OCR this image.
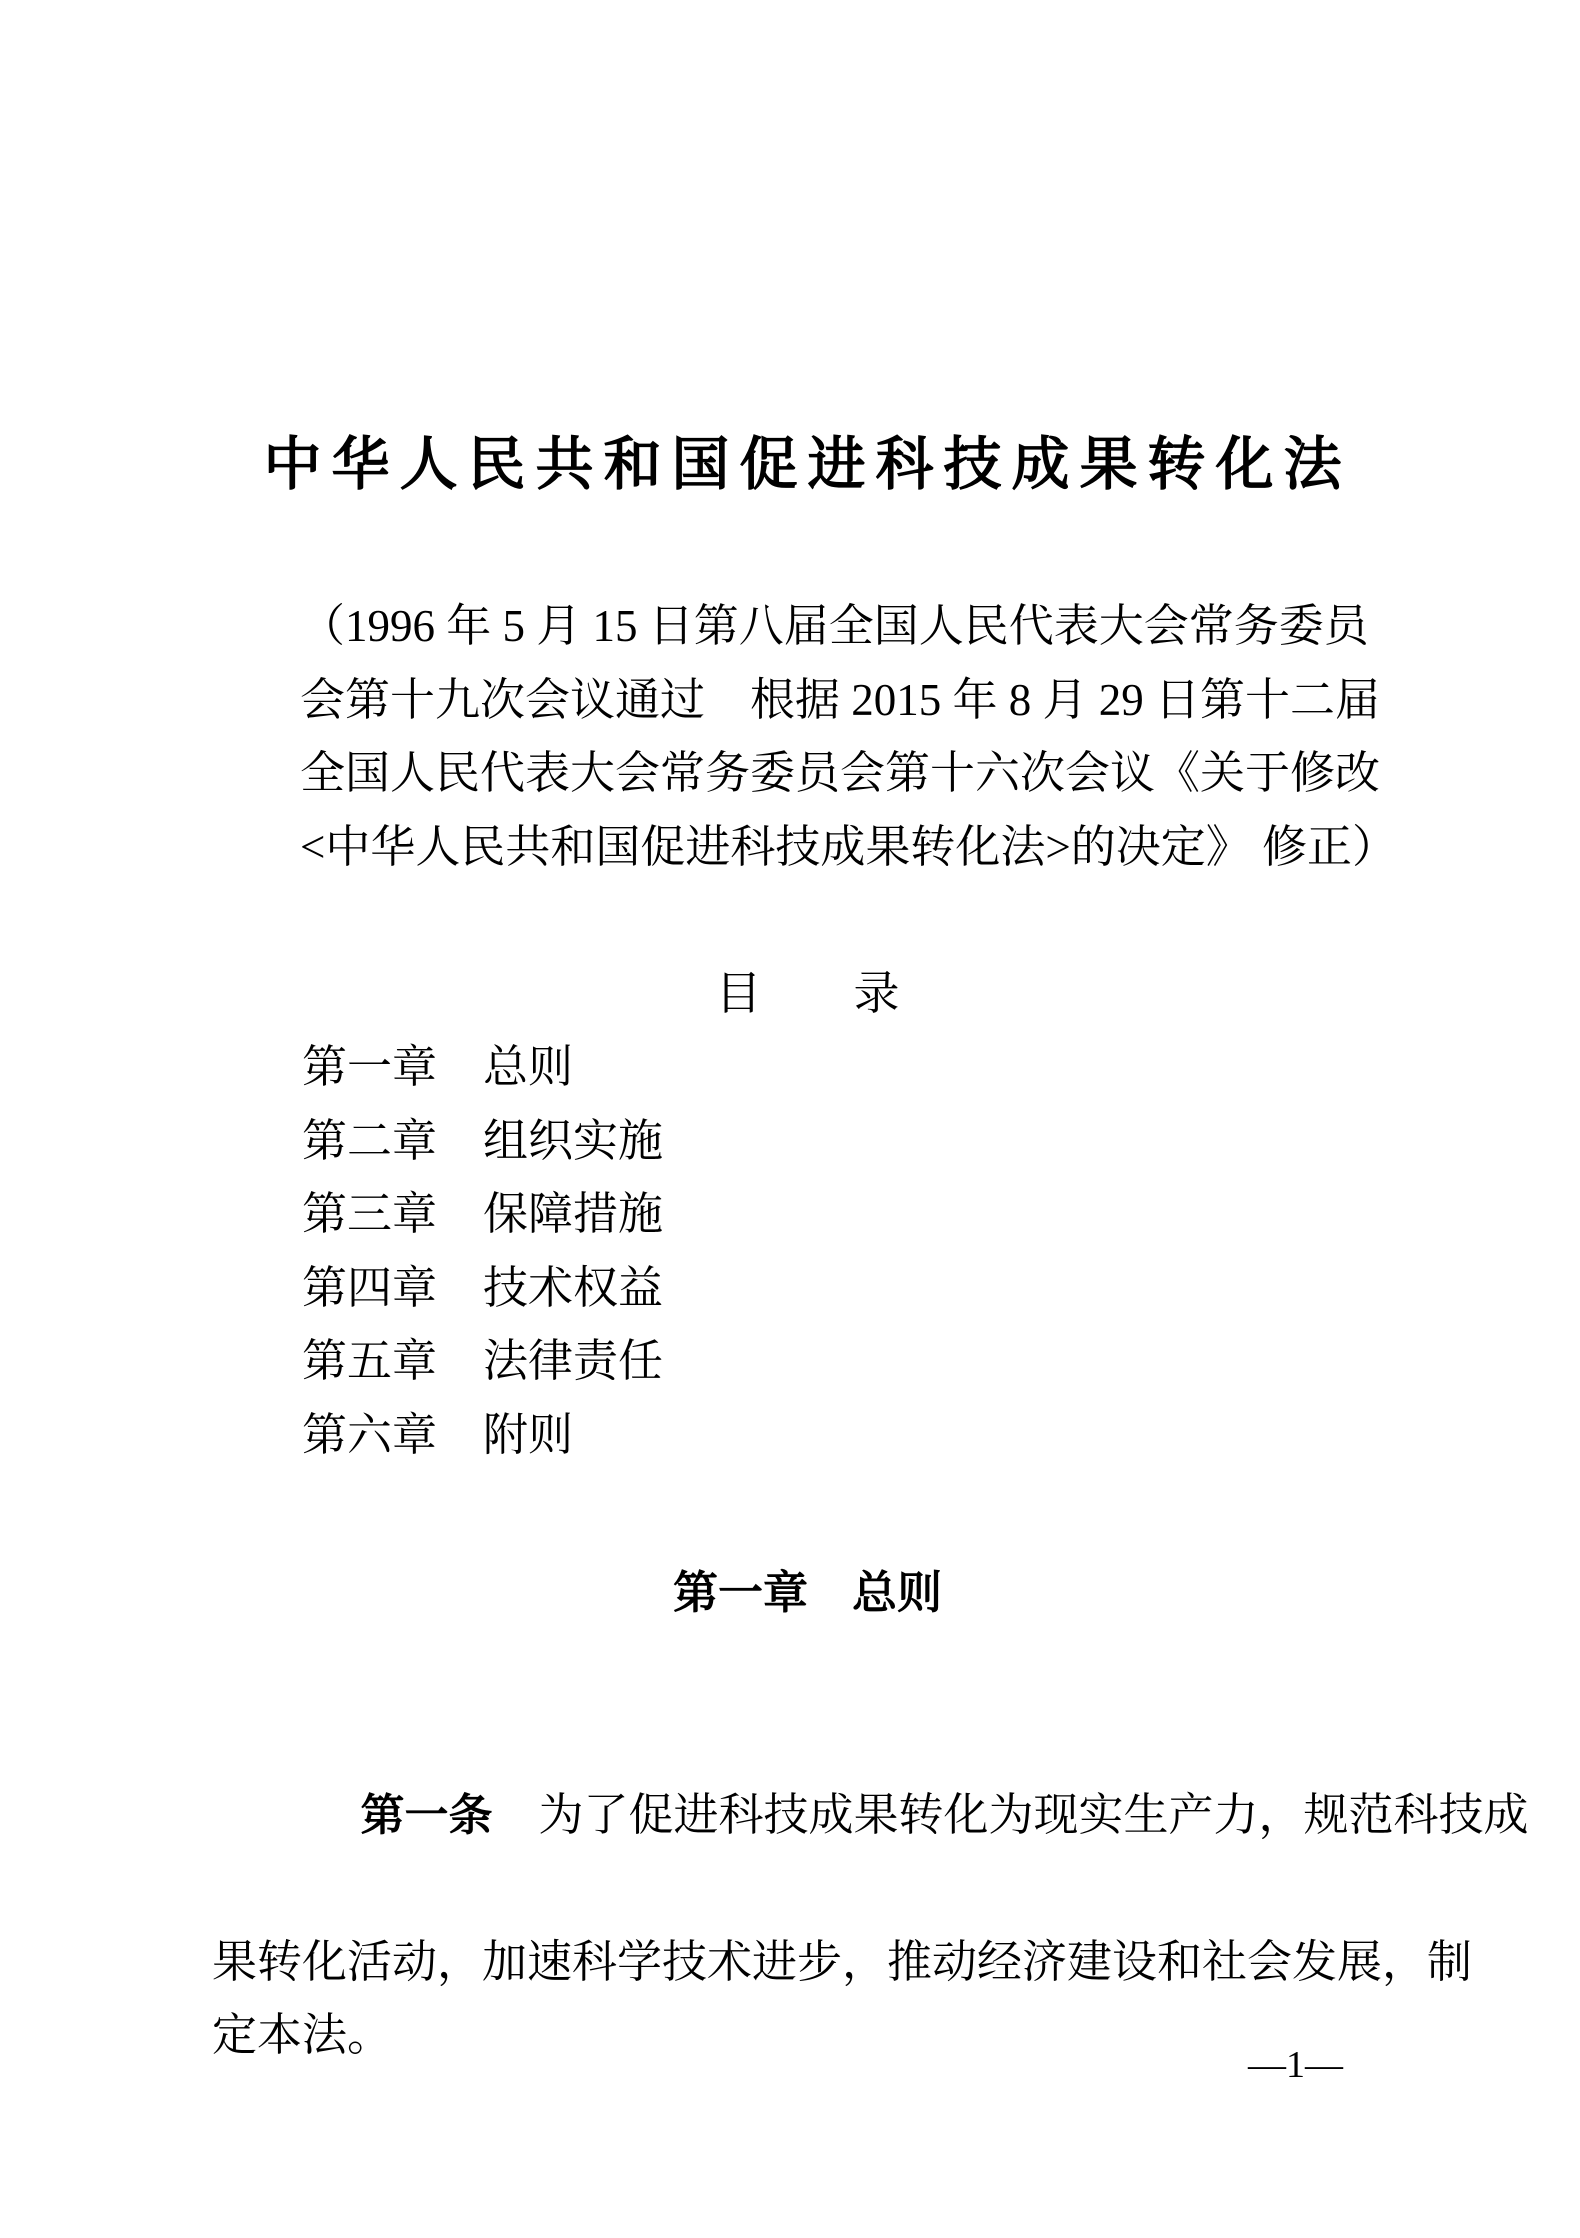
中华人民共和国促进科技成果转化法
（1996 年 5 月 15 日第八届全国人民代表大会常务委员
会第十九次会议通过　根据 2015 年 8 月 29 日第十二届
全国人民代表大会常务委员会第十六次会议《关于修改
<中华人民共和国促进科技成果转化法>的决定》 修正）
目　　录
第一章 总则
第二章 组织实施
第三章 保障措施
第四章 技术权益
第五章 法律责任
第六章 附则
第一章 总则

第一条 为了促进科技成果转化为现实生产力，规范科技成

果转化活动，加速科学技术进步，推动经济建设和社会发展，制
定本法。
—1—
